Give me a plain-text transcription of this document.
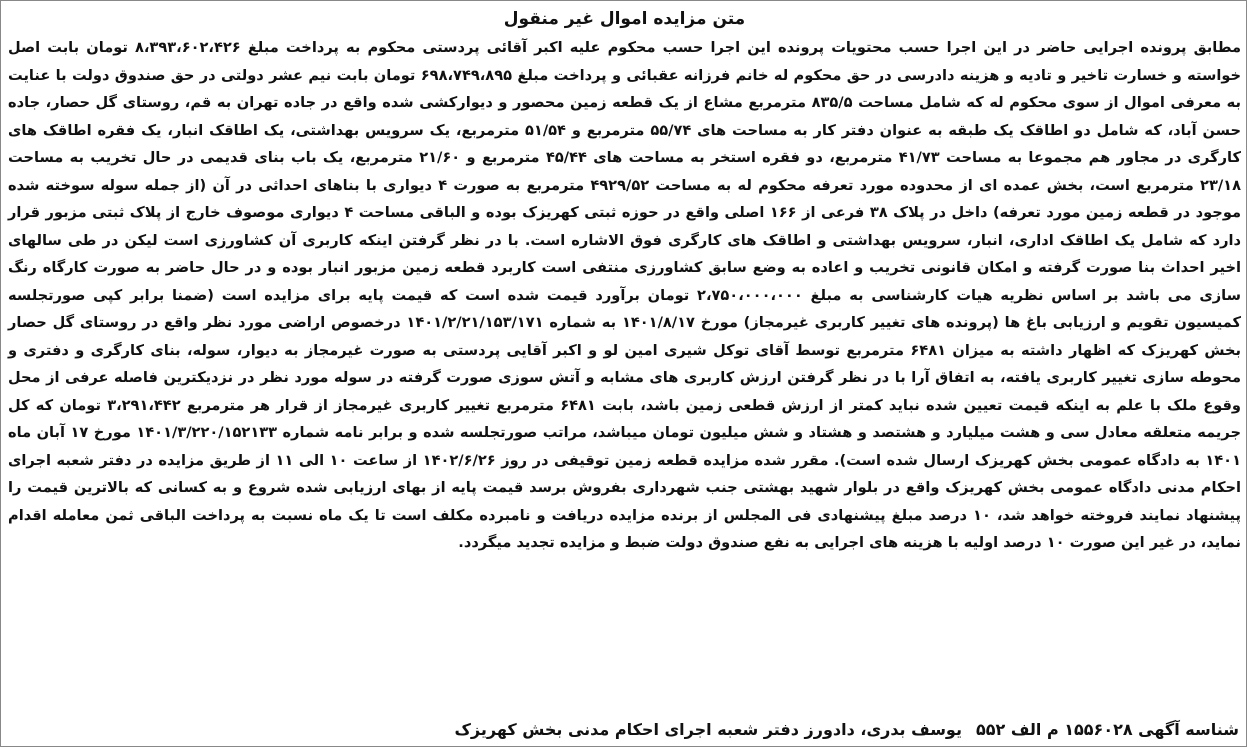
متن مزایده اموال غیر منقول

مطابق پرونده اجرایی حاضر در این اجرا حسب محتویات پرونده این اجرا حسب محکوم علیه اکبر آقائی پردستی محکوم به پرداخت مبلغ ۸،۳۹۳،۶۰۲،۴۲۶ تومان بابت اصل خواسته و خسارت تاخیر و تادیه و هزینه دادرسی در حق محکوم له خانم فرزانه عقبائی و پرداخت مبلغ ۶۹۸،۷۴۹،۸۹۵ تومان بابت نیم عشر دولتی در حق صندوق دولت با عنایت به معرفی اموال از سوی محکوم له که شامل مساحت ۸۳۵/۵ مترمربع مشاع از یک قطعه زمین محصور و دیوارکشی شده واقع در جاده تهران به قم، روستای گل حصار، جاده حسن آباد، که شامل دو اطاقک یک طبقه به عنوان دفتر کار به مساحت های ۵۵/۷۴ مترمربع و ۵۱/۵۴ مترمربع، یک سرویس بهداشتی، یک اطاقک انبار، یک فقره اطاقک های کارگری در مجاور هم مجموعا به مساحت ۴۱/۷۳ مترمربع، دو فقره استخر به مساحت های ۴۵/۴۴ مترمربع و ۲۱/۶۰ مترمربع، یک باب بنای قدیمی در حال تخریب به مساحت ۲۳/۱۸ مترمربع است، بخش عمده ای از محدوده مورد تعرفه محکوم له به مساحت ۴۹۲۹/۵۲ مترمربع به صورت ۴ دیواری با بناهای احداثی در آن (از جمله سوله سوخته شده موجود در قطعه زمین مورد تعرفه) داخل در پلاک ۳۸ فرعی از ۱۶۶ اصلی واقع در حوزه ثبتی کهریزک بوده و الباقی مساحت ۴ دیواری موصوف خارج از پلاک ثبتی مزبور قرار دارد که شامل یک اطاقک اداری، انبار، سرویس بهداشتی و اطاقک های کارگری فوق الاشاره است. با در نظر گرفتن اینکه کاربری آن کشاورزی است لیکن در طی سالهای اخیر احداث بنا صورت گرفته و امکان قانونی تخریب و اعاده به وضع سابق کشاورزی منتفی است کاربرد قطعه زمین مزبور انبار بوده و در حال حاضر به صورت کارگاه رنگ سازی می باشد بر اساس نظریه هیات کارشناسی به مبلغ ۲،۷۵۰،۰۰۰،۰۰۰ تومان برآورد قیمت شده است که قیمت پایه برای مزایده است (ضمنا برابر کپی صورتجلسه کمیسیون تقویم و ارزیابی باغ ها (پرونده های تغییر کاربری غیرمجاز) مورخ ۱۴۰۱/۸/۱۷ به شماره ۱۴۰۱/۲/۲۱/۱۵۳/۱۷۱ درخصوص اراضی مورد نظر واقع در روستای گل حصار بخش کهریزک که اظهار داشته به میزان ۶۴۸۱ مترمربع توسط آقای توکل شیری امین لو و اکبر آقایی پردستی به صورت غیرمجاز به دیوار، سوله، بنای کارگری و دفتری و محوطه سازی تغییر کاربری یافته، به اتفاق آرا با در نظر گرفتن ارزش کاربری های مشابه و آتش سوزی صورت گرفته در سوله مورد نظر در نزدیکترین فاصله عرفی از محل وقوع ملک با علم به اینکه قیمت تعیین شده نباید کمتر از ارزش قطعی زمین باشد، بابت ۶۴۸۱ مترمربع تغییر کاربری غیرمجاز از قرار هر مترمربع ۳،۲۹۱،۴۴۲ تومان که کل جریمه متعلقه معادل سی و هشت میلیارد و هشتصد و هشتاد و شش میلیون تومان میباشد، مراتب صورتجلسه شده و برابر نامه شماره ۱۴۰۱/۳/۲۲۰/۱۵۲۱۳۳ مورخ ۱۷ آبان ماه ۱۴۰۱ به دادگاه عمومی بخش کهریزک ارسال شده است). مقرر شده مزایده قطعه زمین توقیفی در روز ۱۴۰۲/۶/۲۶ از ساعت ۱۰ الی ۱۱ از طریق مزایده در دفتر شعبه اجرای احکام مدنی دادگاه عمومی بخش کهریزک واقع در بلوار شهید بهشتی جنب شهرداری بفروش برسد قیمت پایه از بهای ارزیابی شده شروع و به کسانی که بالاترین قیمت را پیشنهاد نمایند فروخته خواهد شد، ۱۰ درصد مبلغ پیشنهادی فی المجلس از برنده مزایده دریافت و نامبرده مکلف است تا یک ماه نسبت به پرداخت الباقی ثمن معامله اقدام نماید، در غیر این صورت ۱۰ درصد اولیه با هزینه های اجرایی به نفع صندوق دولت ضبط و مزایده تجدید میگردد.

شناسه آگهی ۱۵۵۶۰۲۸ م الف ۵۵۲یوسف بدری، دادورز دفتر شعبه اجرای احکام مدنی بخش کهریزک
